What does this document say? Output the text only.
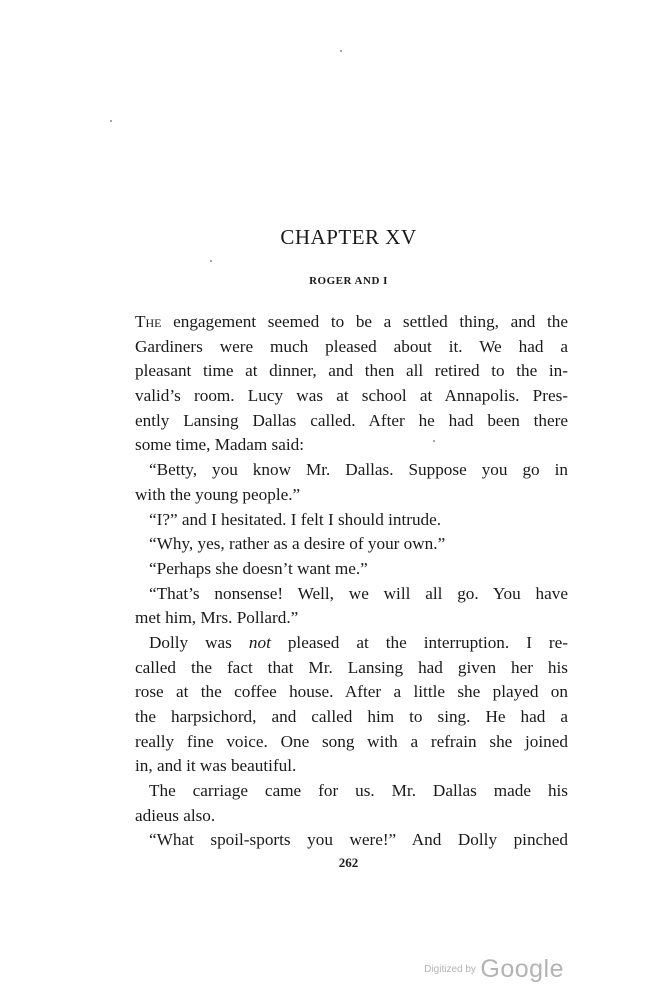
CHAPTER XV
ROGER AND I
The engagement seemed to be a settled thing, and the
Gardiners were much pleased about it. We had a
pleasant time at dinner, and then all retired to the in-
valid’s room. Lucy was at school at Annapolis. Pres-
ently Lansing Dallas called. After he had been there
some time, Madam said:
“Betty, you know Mr. Dallas. Suppose you go in
with the young people.”
“I?” and I hesitated. I felt I should intrude.
“Why, yes, rather as a desire of your own.”
“Perhaps she doesn’t want me.”
“That’s nonsense! Well, we will all go. You have
met him, Mrs. Pollard.”
Dolly was not pleased at the interruption. I re-
called the fact that Mr. Lansing had given her his
rose at the coffee house. After a little she played on
the harpsichord, and called him to sing. He had a
really fine voice. One song with a refrain she joined
in, and it was beautiful.
The carriage came for us. Mr. Dallas made his
adieus also.
“What spoil-sports you were!” And Dolly pinched
262
Digitized by Google
